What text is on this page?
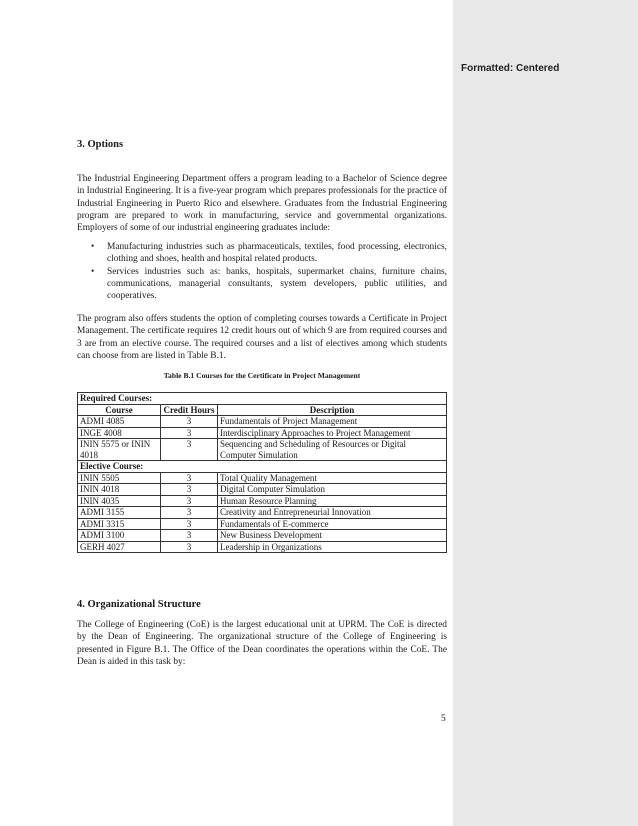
Formatted: Centered
3. Options

The Industrial Engineering Department offers a program leading to a Bachelor of Science degree in Industrial Engineering. It is a five-year program which prepares professionals for the practice of Industrial Engineering in Puerto Rico and elsewhere. Graduates from the Industrial Engineering program are prepared to work in manufacturing, service and governmental organizations. Employers of some of our industrial engineering graduates include:

• Manufacturing industries such as pharmaceuticals, textiles, food processing, electronics, clothing and shoes, health and hospital related products.
• Services industries such as: banks, hospitals, supermarket chains, furniture chains, communications, managerial consultants, system developers, public utilities, and cooperatives.

The program also offers students the option of completing courses towards a Certificate in Project Management. The certificate requires 12 credit hours out of which 9 are from required courses and 3 are from an elective course. The required courses and a list of electives among which students can choose from are listed in Table B.1.

Table B.1 Courses for the Certificate in Project Management
Required Courses:		
Course	Credit Hours	Description
ADMI 4085	3	Fundamentals of Project Management
INGE 4008	3	Interdisciplinary Approaches to Project Management
ININ 5575 or ININ 4018	3	Sequencing and Scheduling of Resources or Digital Computer Simulation
Elective Course:		
ININ 5505	3	Total Quality Management
ININ 4018	3	Digital Computer Simulation
ININ 4035	3	Human Resource Planning
ADMI 3155	3	Creativity and Entrepreneurial Innovation
ADMI 3315	3	Fundamentals of E-commerce
ADMI 3100	3	New Business Development
GERH 4027	3	Leadership in Organizations
4. Organizational Structure

The College of Engineering (CoE) is the largest educational unit at UPRM. The CoE is directed by the Dean of Engineering. The organizational structure of the College of Engineering is presented in Figure B.1. The Office of the Dean coordinates the operations within the CoE. The Dean is aided in this task by:

5
